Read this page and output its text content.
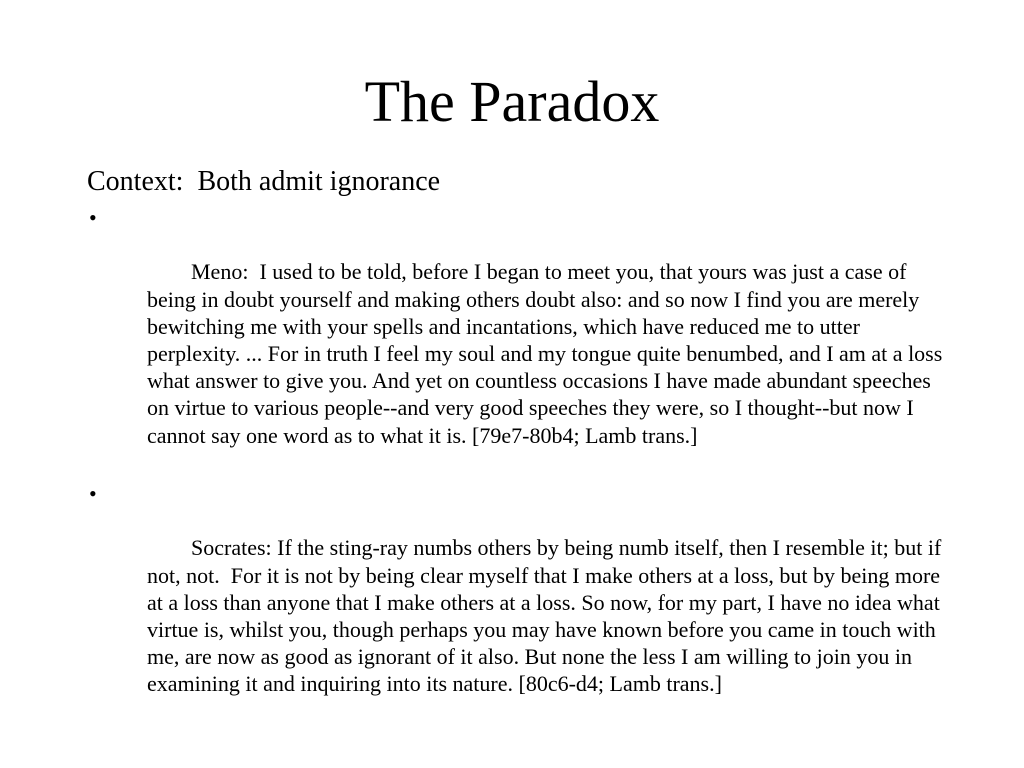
The Paradox

Context:  Both admit ignorance

•

Meno:  I used to be told, before I began to meet you, that yours was just a case of being in doubt yourself and making others doubt also: and so now I find you are merely bewitching me with your spells and incantations, which have reduced me to utter perplexity. ... For in truth I feel my soul and my tongue quite benumbed, and I am at a loss what answer to give you. And yet on countless occasions I have made abundant speeches on virtue to various people--and very good speeches they were, so I thought--but now I cannot say one word as to what it is. [79e7-80b4; Lamb trans.]

•

Socrates: If the sting-ray numbs others by being numb itself, then I resemble it; but if not, not.  For it is not by being clear myself that I make others at a loss, but by being more at a loss than anyone that I make others at a loss. So now, for my part, I have no idea what virtue is, whilst you, though perhaps you may have known before you came in touch with me, are now as good as ignorant of it also. But none the less I am willing to join you in examining it and inquiring into its nature. [80c6-d4; Lamb trans.]
